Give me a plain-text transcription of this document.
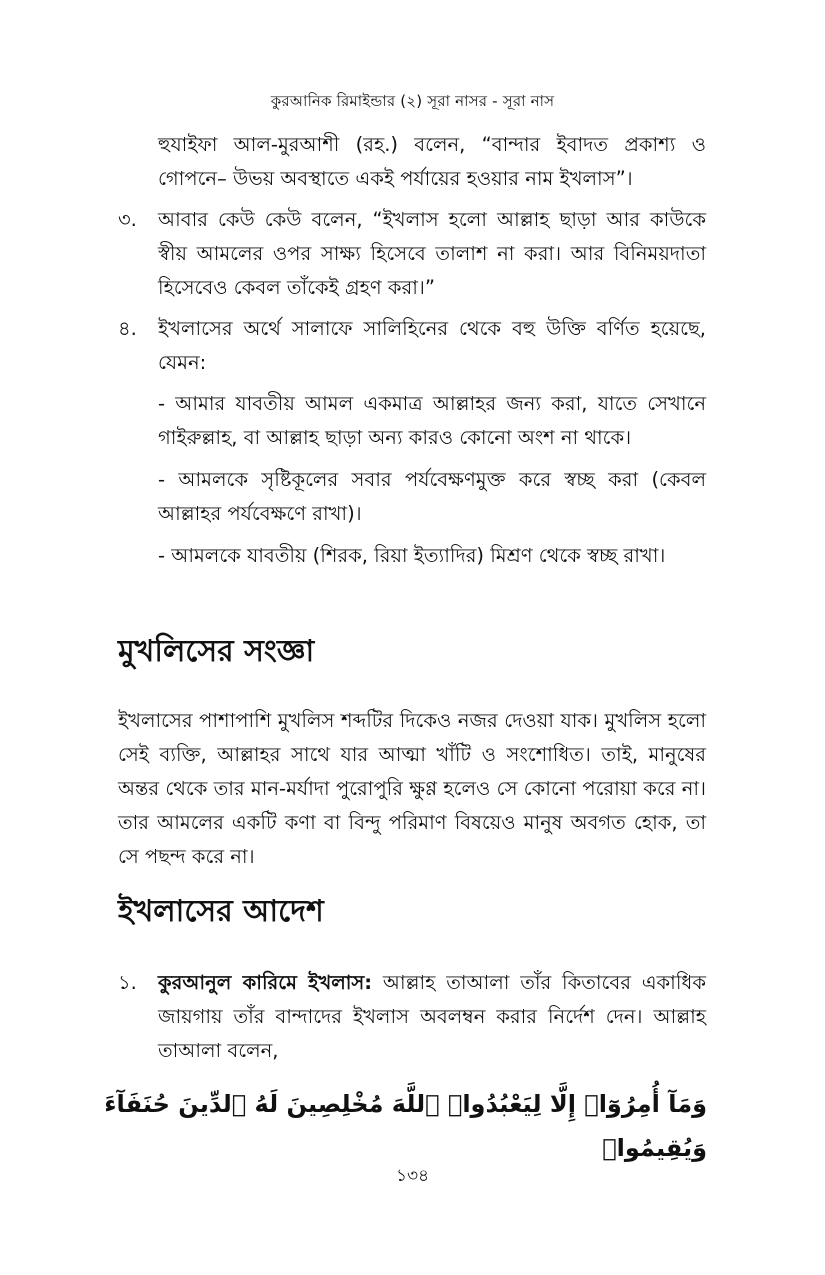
কুরআনিক রিমাইন্ডার (২) সূরা নাসর - সূরা নাস

হুযাইফা আল-মুরআশী (রহ.) বলেন, “বান্দার ইবাদত প্রকাশ্য ও গোপনে– উভয় অবস্থাতে একই পর্যায়ের হওয়ার নাম ইখলাস”।

৩. আবার কেউ কেউ বলেন, “ইখলাস হলো আল্লাহ ছাড়া আর কাউকে স্বীয় আমলের ওপর সাক্ষ্য হিসেবে তালাশ না করা। আর বিনিময়দাতা হিসেবেও কেবল তাঁকেই গ্রহণ করা।”

৪. ইখলাসের অর্থে সালাফে সালিহিনের থেকে বহু উক্তি বর্ণিত হয়েছে, যেমন:

- আমার যাবতীয় আমল একমাত্র আল্লাহর জন্য করা, যাতে সেখানে গাইরুল্লাহ, বা আল্লাহ ছাড়া অন্য কারও কোনো অংশ না থাকে।

- আমলকে সৃষ্টিকূলের সবার পর্যবেক্ষণমুক্ত করে স্বচ্ছ করা (কেবল আল্লাহর পর্যবেক্ষণে রাখা)।

- আমলকে যাবতীয় (শিরক, রিয়া ইত্যাদির) মিশ্রণ থেকে স্বচ্ছ রাখা।

মুখলিসের সংজ্ঞা

ইখলাসের পাশাপাশি মুখলিস শব্দটির দিকেও নজর দেওয়া যাক। মুখলিস হলো সেই ব্যক্তি, আল্লাহর সাথে যার আত্মা খাঁটি ও সংশোধিত। তাই, মানুষের অন্তর থেকে তার মান-মর্যাদা পুরোপুরি ক্ষুণ্ণ হলেও সে কোনো পরোয়া করে না। তার আমলের একটি কণা বা বিন্দু পরিমাণ বিষয়েও মানুষ অবগত হোক, তা সে পছন্দ করে না।

ইখলাসের আদেশ
১. কুরআনুল কারিমে ইখলাস: আল্লাহ তাআলা তাঁর কিতাবের একাধিক জায়গায় তাঁর বান্দাদের ইখলাস অবলম্বন করার নির্দেশ দেন। আল্লাহ তাআলা বলেন,

وَمَآ أُمِرُوٓا۟ إِلَّا لِيَعْبُدُوا۟ ٱللَّهَ مُخْلِصِينَ لَهُ ٱلدِّينَ حُنَفَآءَ وَيُقِيمُوا۟
১৩৪
